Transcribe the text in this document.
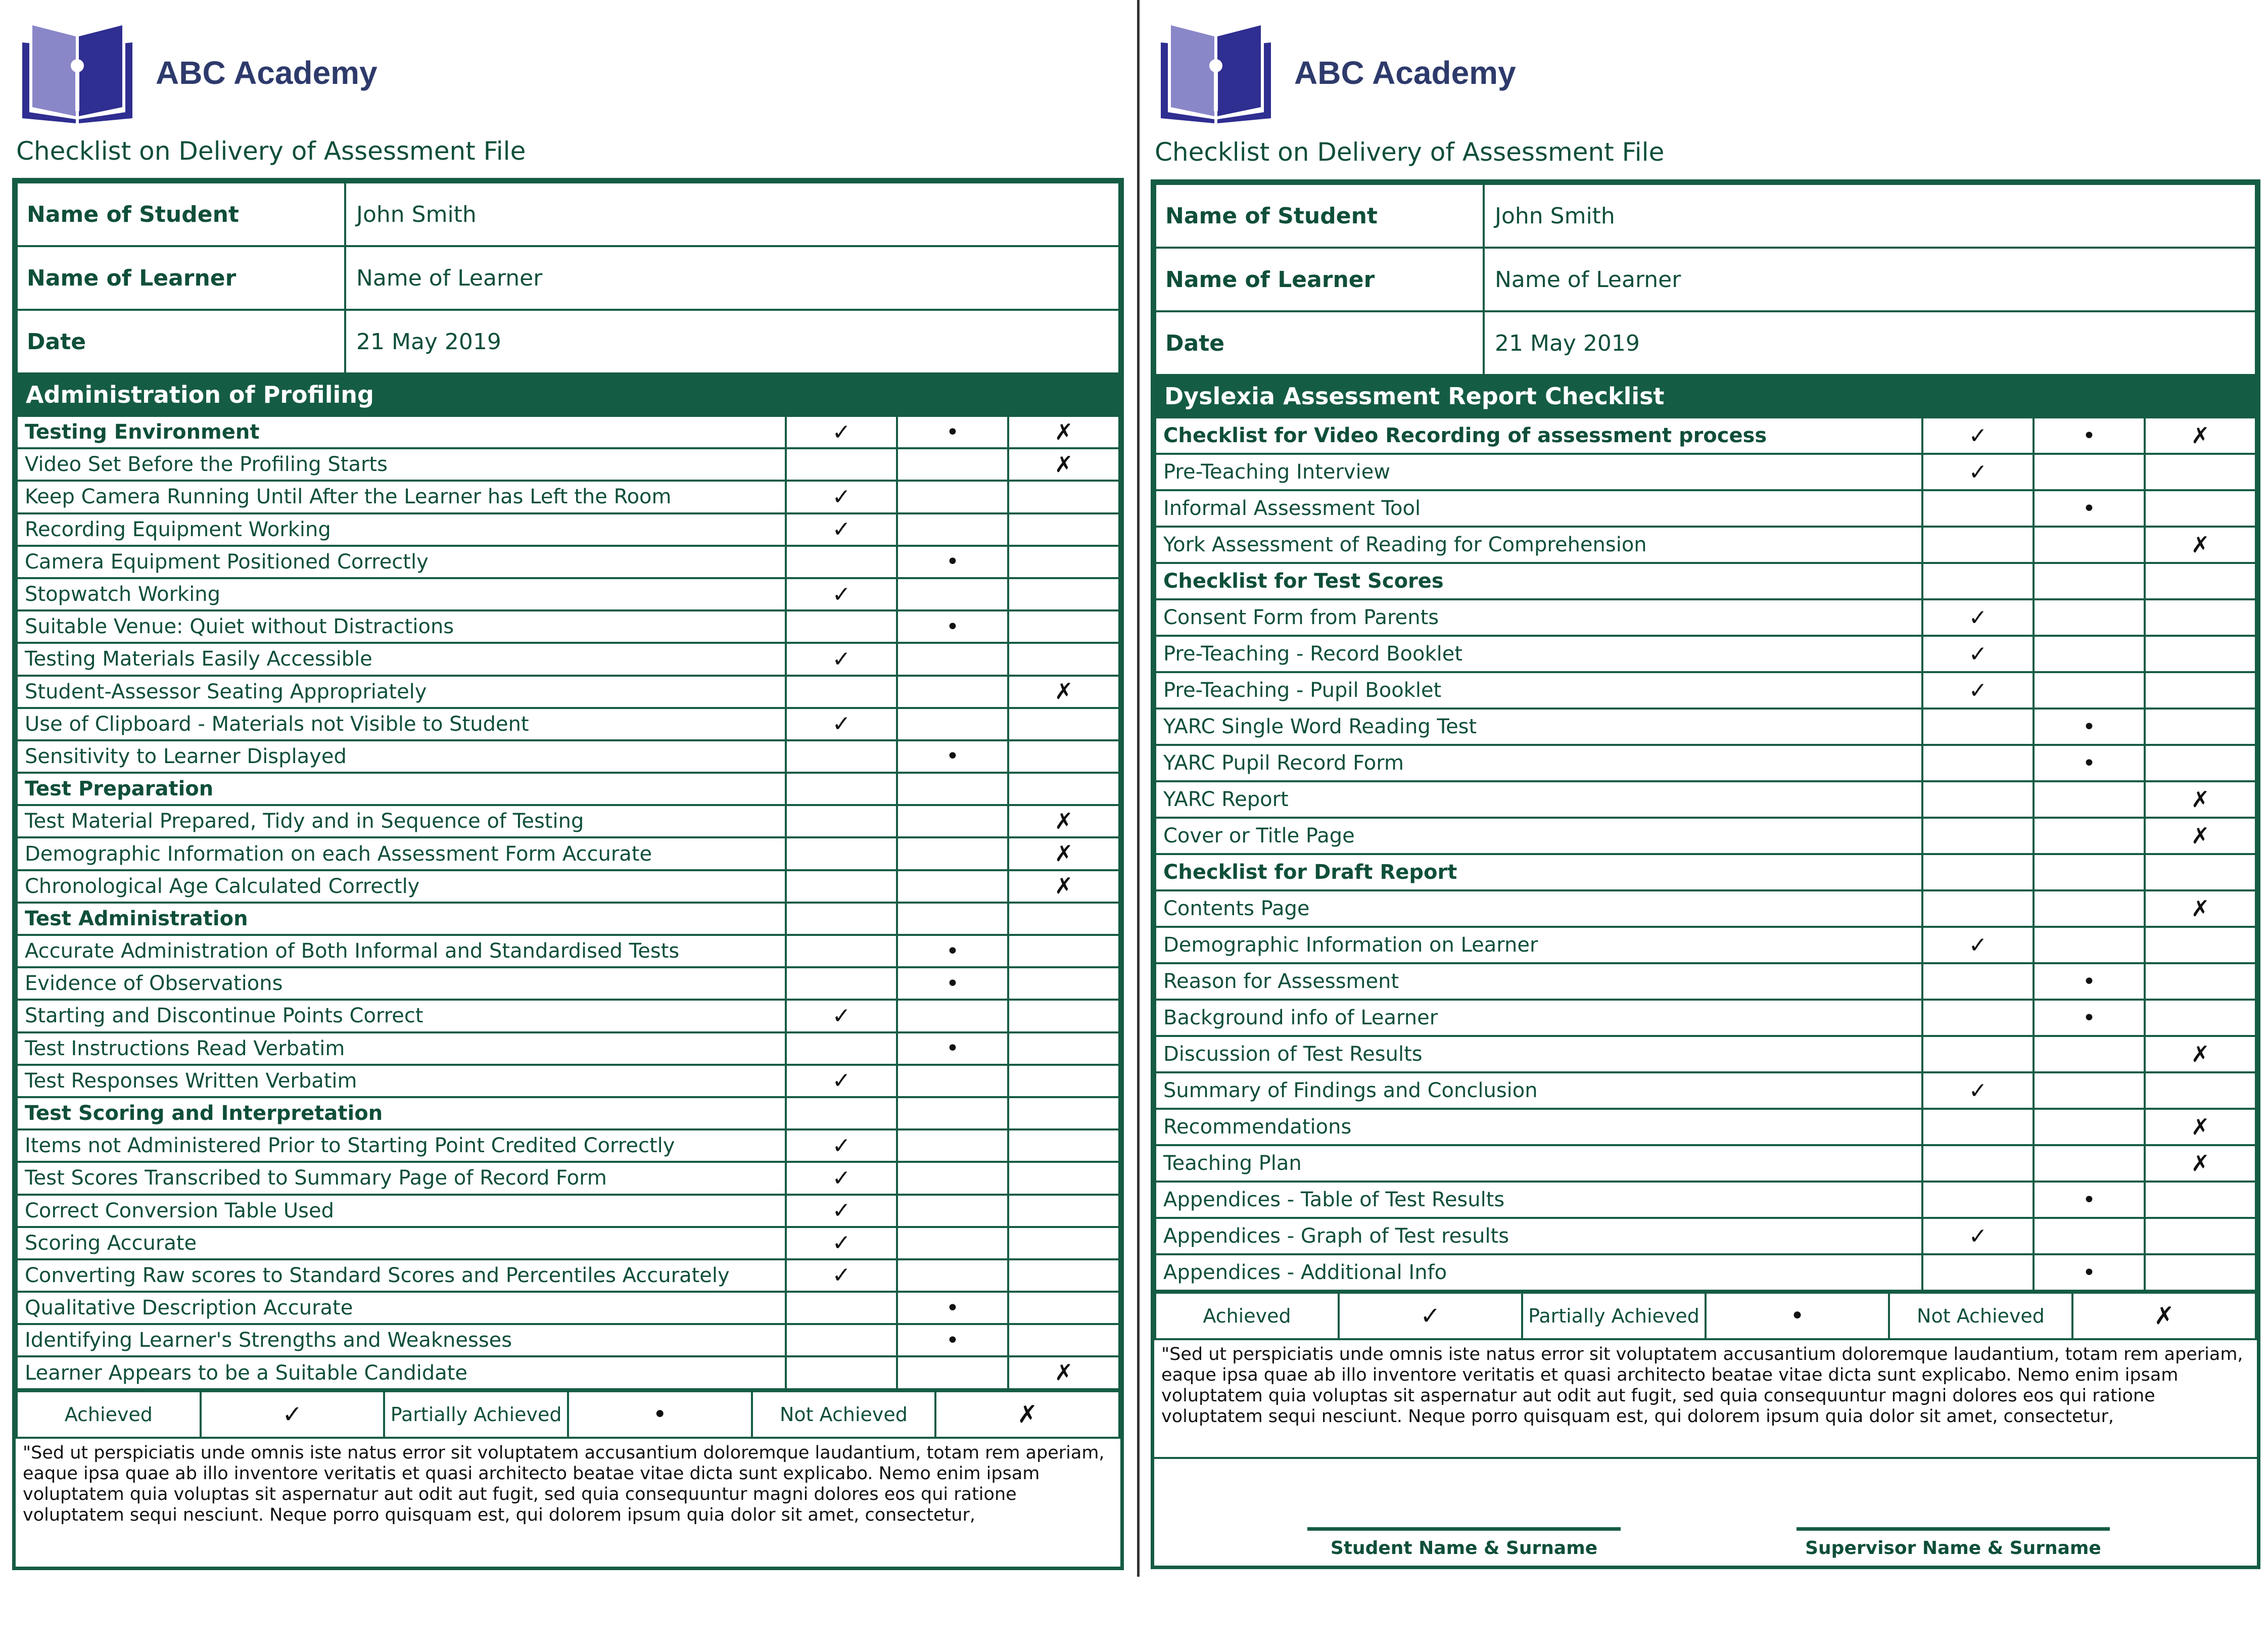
ABC Academy
Checklist on Delivery of Assessment File
Name of Student	John Smith
Name of Learner	Name of Learner
Date	21 May 2019
Administration of Profiling
Testing Environment	✓	•	✗
Video Set Before the Profiling Starts			✗
Keep Camera Running Until After the Learner has Left the Room	✓		
Recording Equipment Working	✓		
Camera Equipment Positioned Correctly		•	
Stopwatch Working	✓		
Suitable Venue: Quiet without Distractions		•	
Testing Materials Easily Accessible	✓		
Student-Assessor Seating Appropriately			✗
Use of Clipboard - Materials not Visible to Student	✓		
Sensitivity to Learner Displayed		•	
Test Preparation			
Test Material Prepared, Tidy and in Sequence of Testing			✗
Demographic Information on each Assessment Form Accurate			✗
Chronological Age Calculated Correctly			✗
Test Administration			
Accurate Administration of Both Informal and Standardised Tests		•	
Evidence of Observations		•	
Starting and Discontinue Points Correct	✓		
Test Instructions Read Verbatim		•	
Test Responses Written Verbatim	✓		
Test Scoring and Interpretation			
Items not Administered Prior to Starting Point Credited Correctly	✓		
Test Scores Transcribed to Summary Page of Record Form	✓		
Correct Conversion Table Used	✓		
Scoring Accurate	✓		
Converting Raw scores to Standard Scores and Percentiles Accurately	✓		
Qualitative Description Accurate		•	
Identifying Learner's Strengths and Weaknesses		•	
Learner Appears to be a Suitable Candidate			✗
Achieved	✓	Partially Achieved	•	Not Achieved	✗
"Sed ut perspiciatis unde omnis iste natus error sit voluptatem accusantium doloremque laudantium, totam rem aperiam, eaque ipsa quae ab illo inventore veritatis et quasi architecto beatae vitae dicta sunt explicabo. Nemo enim ipsam voluptatem quia voluptas sit aspernatur aut odit aut fugit, sed quia consequuntur magni dolores eos qui ratione voluptatem sequi nesciunt. Neque porro quisquam est, qui dolorem ipsum quia dolor sit amet, consectetur,
ABC Academy
Checklist on Delivery of Assessment File
Name of Student	John Smith
Name of Learner	Name of Learner
Date	21 May 2019
Dyslexia Assessment Report Checklist
Checklist for Video Recording of assessment process	✓	•	✗
Pre-Teaching Interview	✓		
Informal Assessment Tool		•	
York Assessment of Reading for Comprehension			✗
Checklist for Test Scores			
Consent Form from Parents	✓		
Pre-Teaching - Record Booklet	✓		
Pre-Teaching - Pupil Booklet	✓		
YARC Single Word Reading Test		•	
YARC Pupil Record Form		•	
YARC Report			✗
Cover or Title Page			✗
Checklist for Draft Report			
Contents Page			✗
Demographic Information on Learner	✓		
Reason for Assessment		•	
Background info of Learner		•	
Discussion of Test Results			✗
Summary of Findings and Conclusion	✓		
Recommendations			✗
Teaching Plan			✗
Appendices - Table of Test Results		•	
Appendices - Graph of Test results	✓		
Appendices - Additional Info		•	
Achieved	✓	Partially Achieved	•	Not Achieved	✗
"Sed ut perspiciatis unde omnis iste natus error sit voluptatem accusantium doloremque laudantium, totam rem aperiam, eaque ipsa quae ab illo inventore veritatis et quasi architecto beatae vitae dicta sunt explicabo. Nemo enim ipsam voluptatem quia voluptas sit aspernatur aut odit aut fugit, sed quia consequuntur magni dolores eos qui ratione voluptatem sequi nesciunt. Neque porro quisquam est, qui dolorem ipsum quia dolor sit amet, consectetur,
Student Name & Surname	Supervisor Name & Surname
